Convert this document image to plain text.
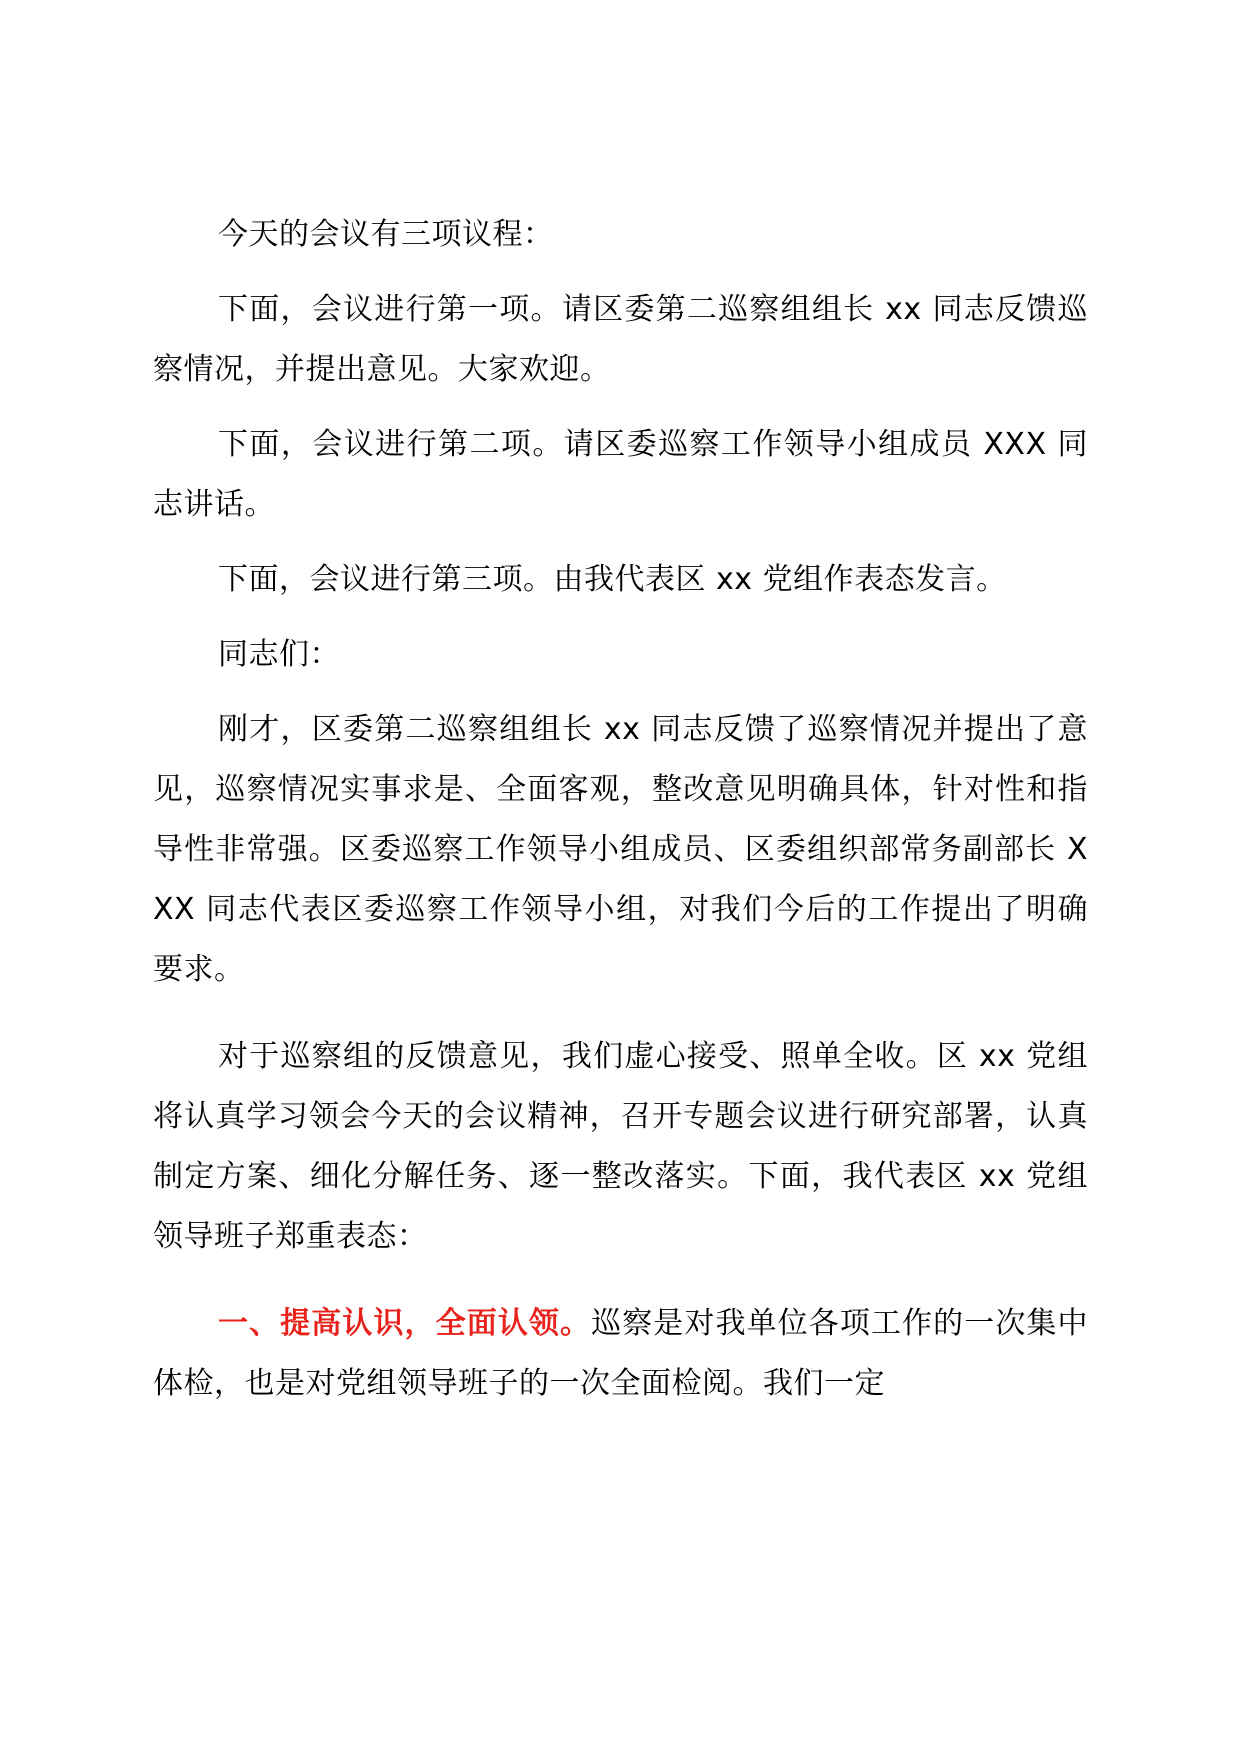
今天的会议有三项议程：

下面，会议进行第一项。请区委第二巡察组组长 xx 同志反馈巡察情况，并提出意见。大家欢迎。

下面，会议进行第二项。请区委巡察工作领导小组成员 XXX 同志讲话。

下面，会议进行第三项。由我代表区 xx 党组作表态发言。

同志们：

刚才，区委第二巡察组组长 xx 同志反馈了巡察情况并提出了意见，巡察情况实事求是、全面客观，整改意见明确具体，针对性和指导性非常强。区委巡察工作领导小组成员、区委组织部常务副部长 XXX 同志代表区委巡察工作领导小组，对我们今后的工作提出了明确要求。

对于巡察组的反馈意见，我们虚心接受、照单全收。区 xx 党组将认真学习领会今天的会议精神，召开专题会议进行研究部署，认真制定方案、细化分解任务、逐一整改落实。下面，我代表区 xx 党组领导班子郑重表态：

一、提高认识，全面认领。巡察是对我单位各项工作的一次集中体检，也是对党组领导班子的一次全面检阅。我们一定
